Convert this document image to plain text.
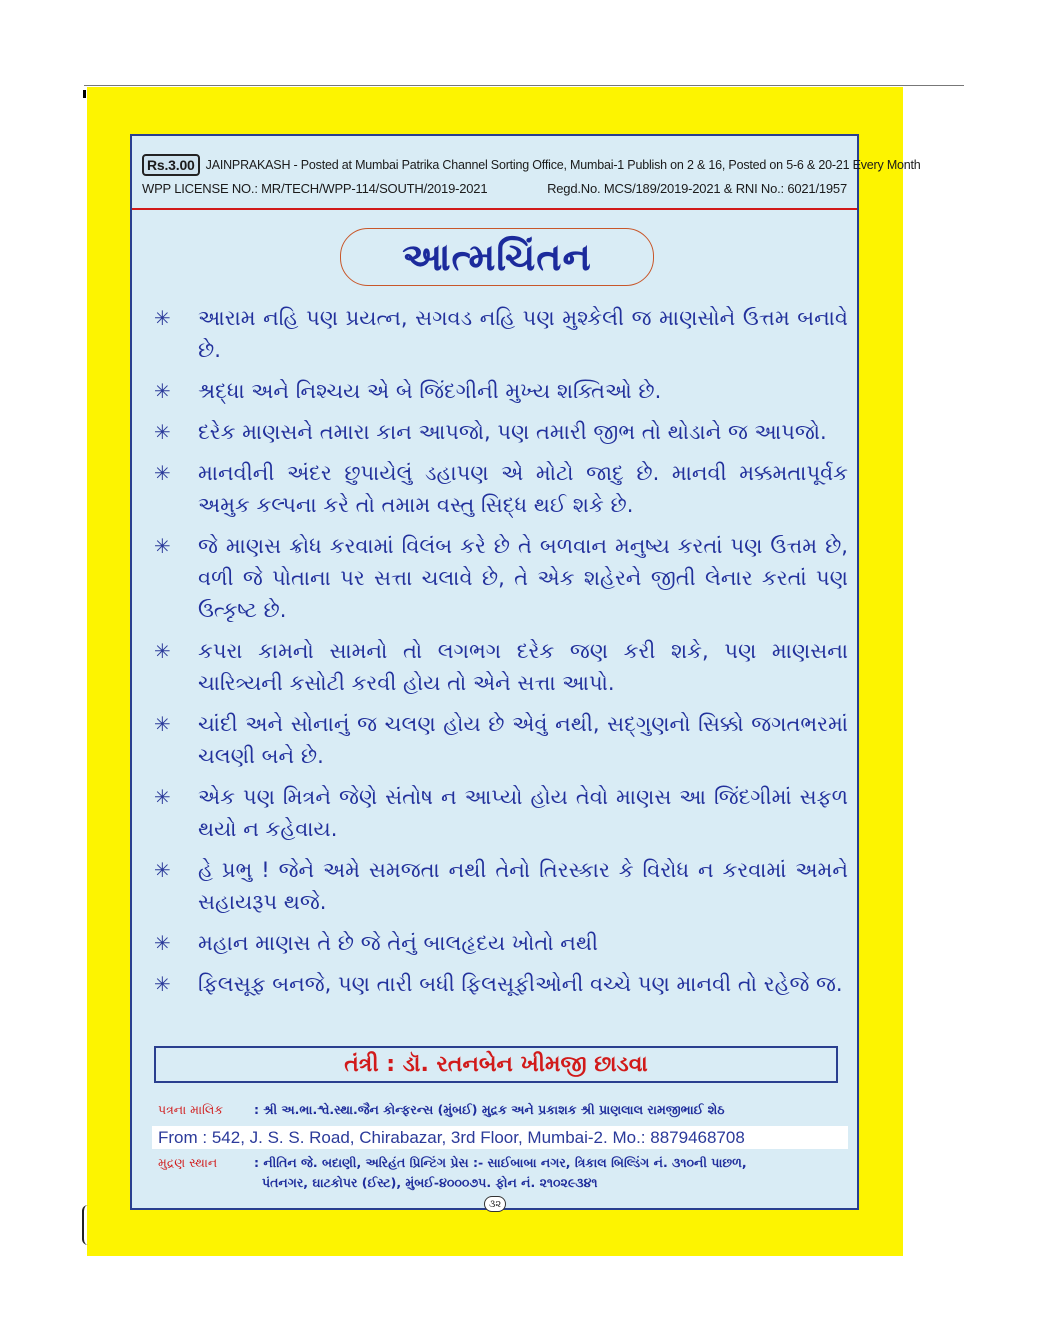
Rs.3.00 JAINPRAKASH - Posted at Mumbai Patrika Channel Sorting Office, Mumbai-1 Publish on 2 & 16, Posted on 5-6 & 20-21 Every Month
WPP LICENSE NO.: MR/TECH/WPP-114/SOUTH/2019-2021	Regd.No. MCS/189/2019-2021 & RNI No.: 6021/1957
આત્મચિંતન
✳	આરામ નહિ પણ પ્રયત્ન, સગવડ નહિ પણ મુશ્કેલી જ માણસોને ઉત્તમ બનાવે છે.
✳	શ્રદ્ધા અને નિશ્ચય એ બે જિંદગીની મુખ્ય શક્તિઓ છે.
✳	દરેક માણસને તમારા કાન આપજો, પણ તમારી જીભ તો થોડાને જ આપજો.
✳	માનવીની અંદર છુપાયેલું ડહાપણ એ મોટો જાદુ છે. માનવી મક્કમતાપૂર્વક અમુક કલ્પના કરે તો તમામ વસ્તુ સિદ્ધ થઈ શકે છે.
✳	જે માણસ ક્રોધ કરવામાં વિલંબ કરે છે તે બળવાન મનુષ્ય કરતાં પણ ઉત્તમ છે, વળી જે પોતાના પર સત્તા ચલાવે છે, તે એક શહેરને જીતી લેનાર કરતાં પણ ઉત્કૃષ્ટ છે.
✳	કપરા કામનો સામનો તો લગભગ દરેક જણ કરી શકે, પણ માણસના ચારિત્ર્યની કસોટી કરવી હોય તો એને સત્તા આપો.
✳	ચાંદી અને સોનાનું જ ચલણ હોય છે એવું નથી, સદ્ગુણનો સિક્કો જગતભરમાં ચલણી બને છે.
✳	એક પણ મિત્રને જેણે સંતોષ ન આપ્યો હોય તેવો માણસ આ જિંદગીમાં સફળ થયો ન કહેવાય.
✳	હે પ્રભુ ! જેને અમે સમજતા નથી તેનો તિરસ્કાર કે વિરોધ ન કરવામાં અમને સહાયરૂપ થજે.
✳	મહાન માણસ તે છે જે તેનું બાલહૃદય ખોતો નથી
✳	ફિલસૂફ બનજે, પણ તારી બધી ફિલસૂફીઓની વચ્ચે પણ માનવી તો રહેજે જ.
તંત્રી : ડૉ. રતનબેન ખીમજી છાડવા
પત્રના માલિક	: શ્રી અ.ભા.શ્વે.સ્થા.જૈન કોન્ફરન્સ (મુંબઈ) મુદ્રક અને પ્રકાશક શ્રી પ્રાણલાલ રામજીભાઈ શેઠ
From : 542, J. S. S. Road, Chirabazar, 3rd Floor, Mumbai-2. Mo.: 8879468708
મુદ્રણ સ્થાન	: નીતિન જે. બદાણી, અરિહંત પ્રિન્ટિંગ પ્રેસ :- સાઈબાબા નગર, ત્રિકાલ બિલ્ડિંગ નં. ૩૧૦ની પાછળ,
પંતનગર, ઘાટકોપર (ઈસ્ટ), મુંબઈ-૪૦૦૦૭૫. ફોન નં. ૨૧૦૨૯૩૪૧
૩૨
